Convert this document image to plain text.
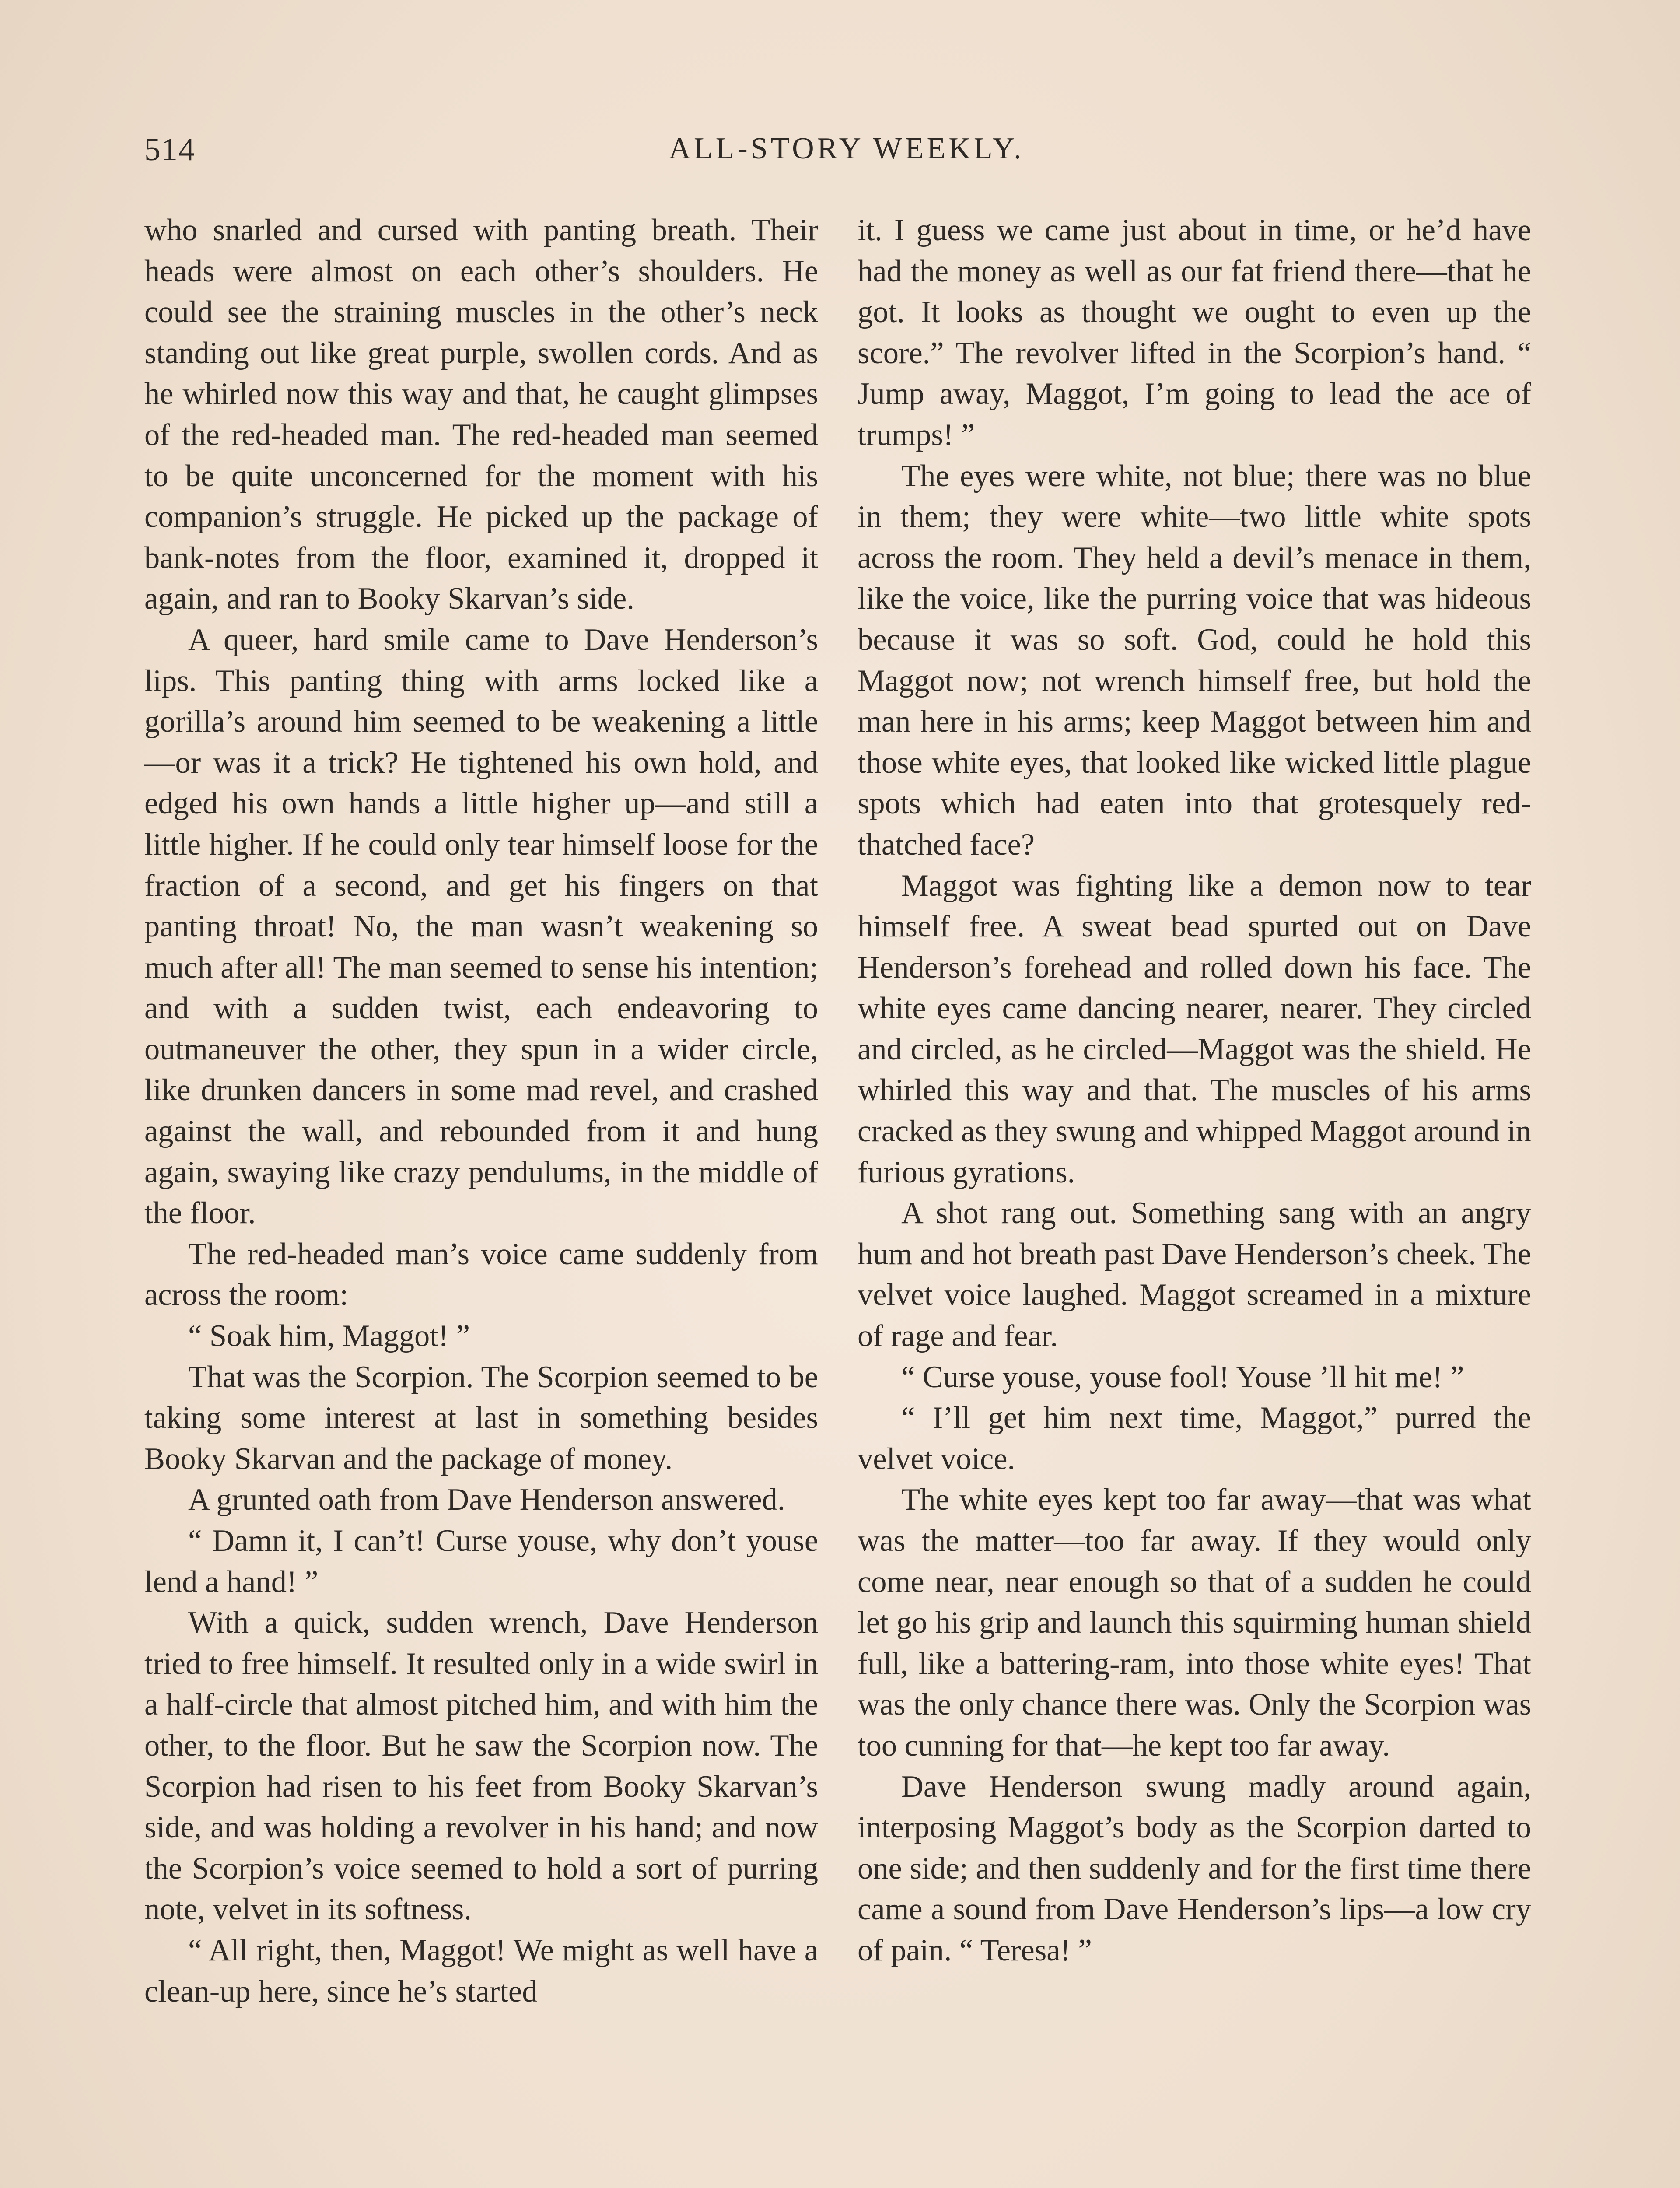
514	ALL-STORY WEEKLY.

who snarled and cursed with panting breath. Their heads were almost on each other’s shoulders. He could see the straining muscles in the other’s neck standing out like great purple, swollen cords. And as he whirled now this way and that, he caught glimpses of the red-headed man. The red-headed man seemed to be quite unconcerned for the moment with his companion’s struggle. He picked up the package of bank-notes from the floor, examined it, dropped it again, and ran to Booky Skarvan’s side.

A queer, hard smile came to Dave Henderson’s lips. This panting thing with arms locked like a gorilla’s around him seemed to be weakening a little—or was it a trick? He tightened his own hold, and edged his own hands a little higher up—and still a little higher. If he could only tear himself loose for the fraction of a second, and get his fingers on that panting throat! No, the man wasn’t weakening so much after all! The man seemed to sense his intention; and with a sudden twist, each endeavoring to outmaneuver the other, they spun in a wider circle, like drunken dancers in some mad revel, and crashed against the wall, and rebounded from it and hung again, swaying like crazy pendulums, in the middle of the floor.

The red-headed man’s voice came suddenly from across the room:

“ Soak him, Maggot! ”

That was the Scorpion. The Scorpion seemed to be taking some interest at last in something besides Booky Skarvan and the package of money.

A grunted oath from Dave Henderson answered.

“ Damn it, I can’t! Curse youse, why don’t youse lend a hand! ”

With a quick, sudden wrench, Dave Henderson tried to free himself. It resulted only in a wide swirl in a half-circle that almost pitched him, and with him the other, to the floor. But he saw the Scorpion now. The Scorpion had risen to his feet from Booky Skarvan’s side, and was holding a revolver in his hand; and now the Scorpion’s voice seemed to hold a sort of purring note, velvet in its softness.

“ All right, then, Maggot! We might as well have a clean-up here, since he’s started

it. I guess we came just about in time, or he’d have had the money as well as our fat friend there—that he got. It looks as thought we ought to even up the score.” The revolver lifted in the Scorpion’s hand. “ Jump away, Maggot, I’m going to lead the ace of trumps! ”

The eyes were white, not blue; there was no blue in them; they were white—two little white spots across the room. They held a devil’s menace in them, like the voice, like the purring voice that was hideous because it was so soft. God, could he hold this Maggot now; not wrench himself free, but hold the man here in his arms; keep Maggot between him and those white eyes, that looked like wicked little plague spots which had eaten into that grotesquely red-thatched face?

Maggot was fighting like a demon now to tear himself free. A sweat bead spurted out on Dave Henderson’s forehead and rolled down his face. The white eyes came dancing nearer, nearer. They circled and circled, as he circled—Maggot was the shield. He whirled this way and that. The muscles of his arms cracked as they swung and whipped Maggot around in furious gyrations.

A shot rang out. Something sang with an angry hum and hot breath past Dave Henderson’s cheek. The velvet voice laughed. Maggot screamed in a mixture of rage and fear.

“ Curse youse, youse fool! Youse ’ll hit me! ”

“ I’ll get him next time, Maggot,” purred the velvet voice.

The white eyes kept too far away—that was what was the matter—too far away. If they would only come near, near enough so that of a sudden he could let go his grip and launch this squirming human shield full, like a battering-ram, into those white eyes! That was the only chance there was. Only the Scorpion was too cunning for that—he kept too far away.

Dave Henderson swung madly around again, interposing Maggot’s body as the Scorpion darted to one side; and then suddenly and for the first time there came a sound from Dave Henderson’s lips—a low cry of pain. “ Teresa! ”
